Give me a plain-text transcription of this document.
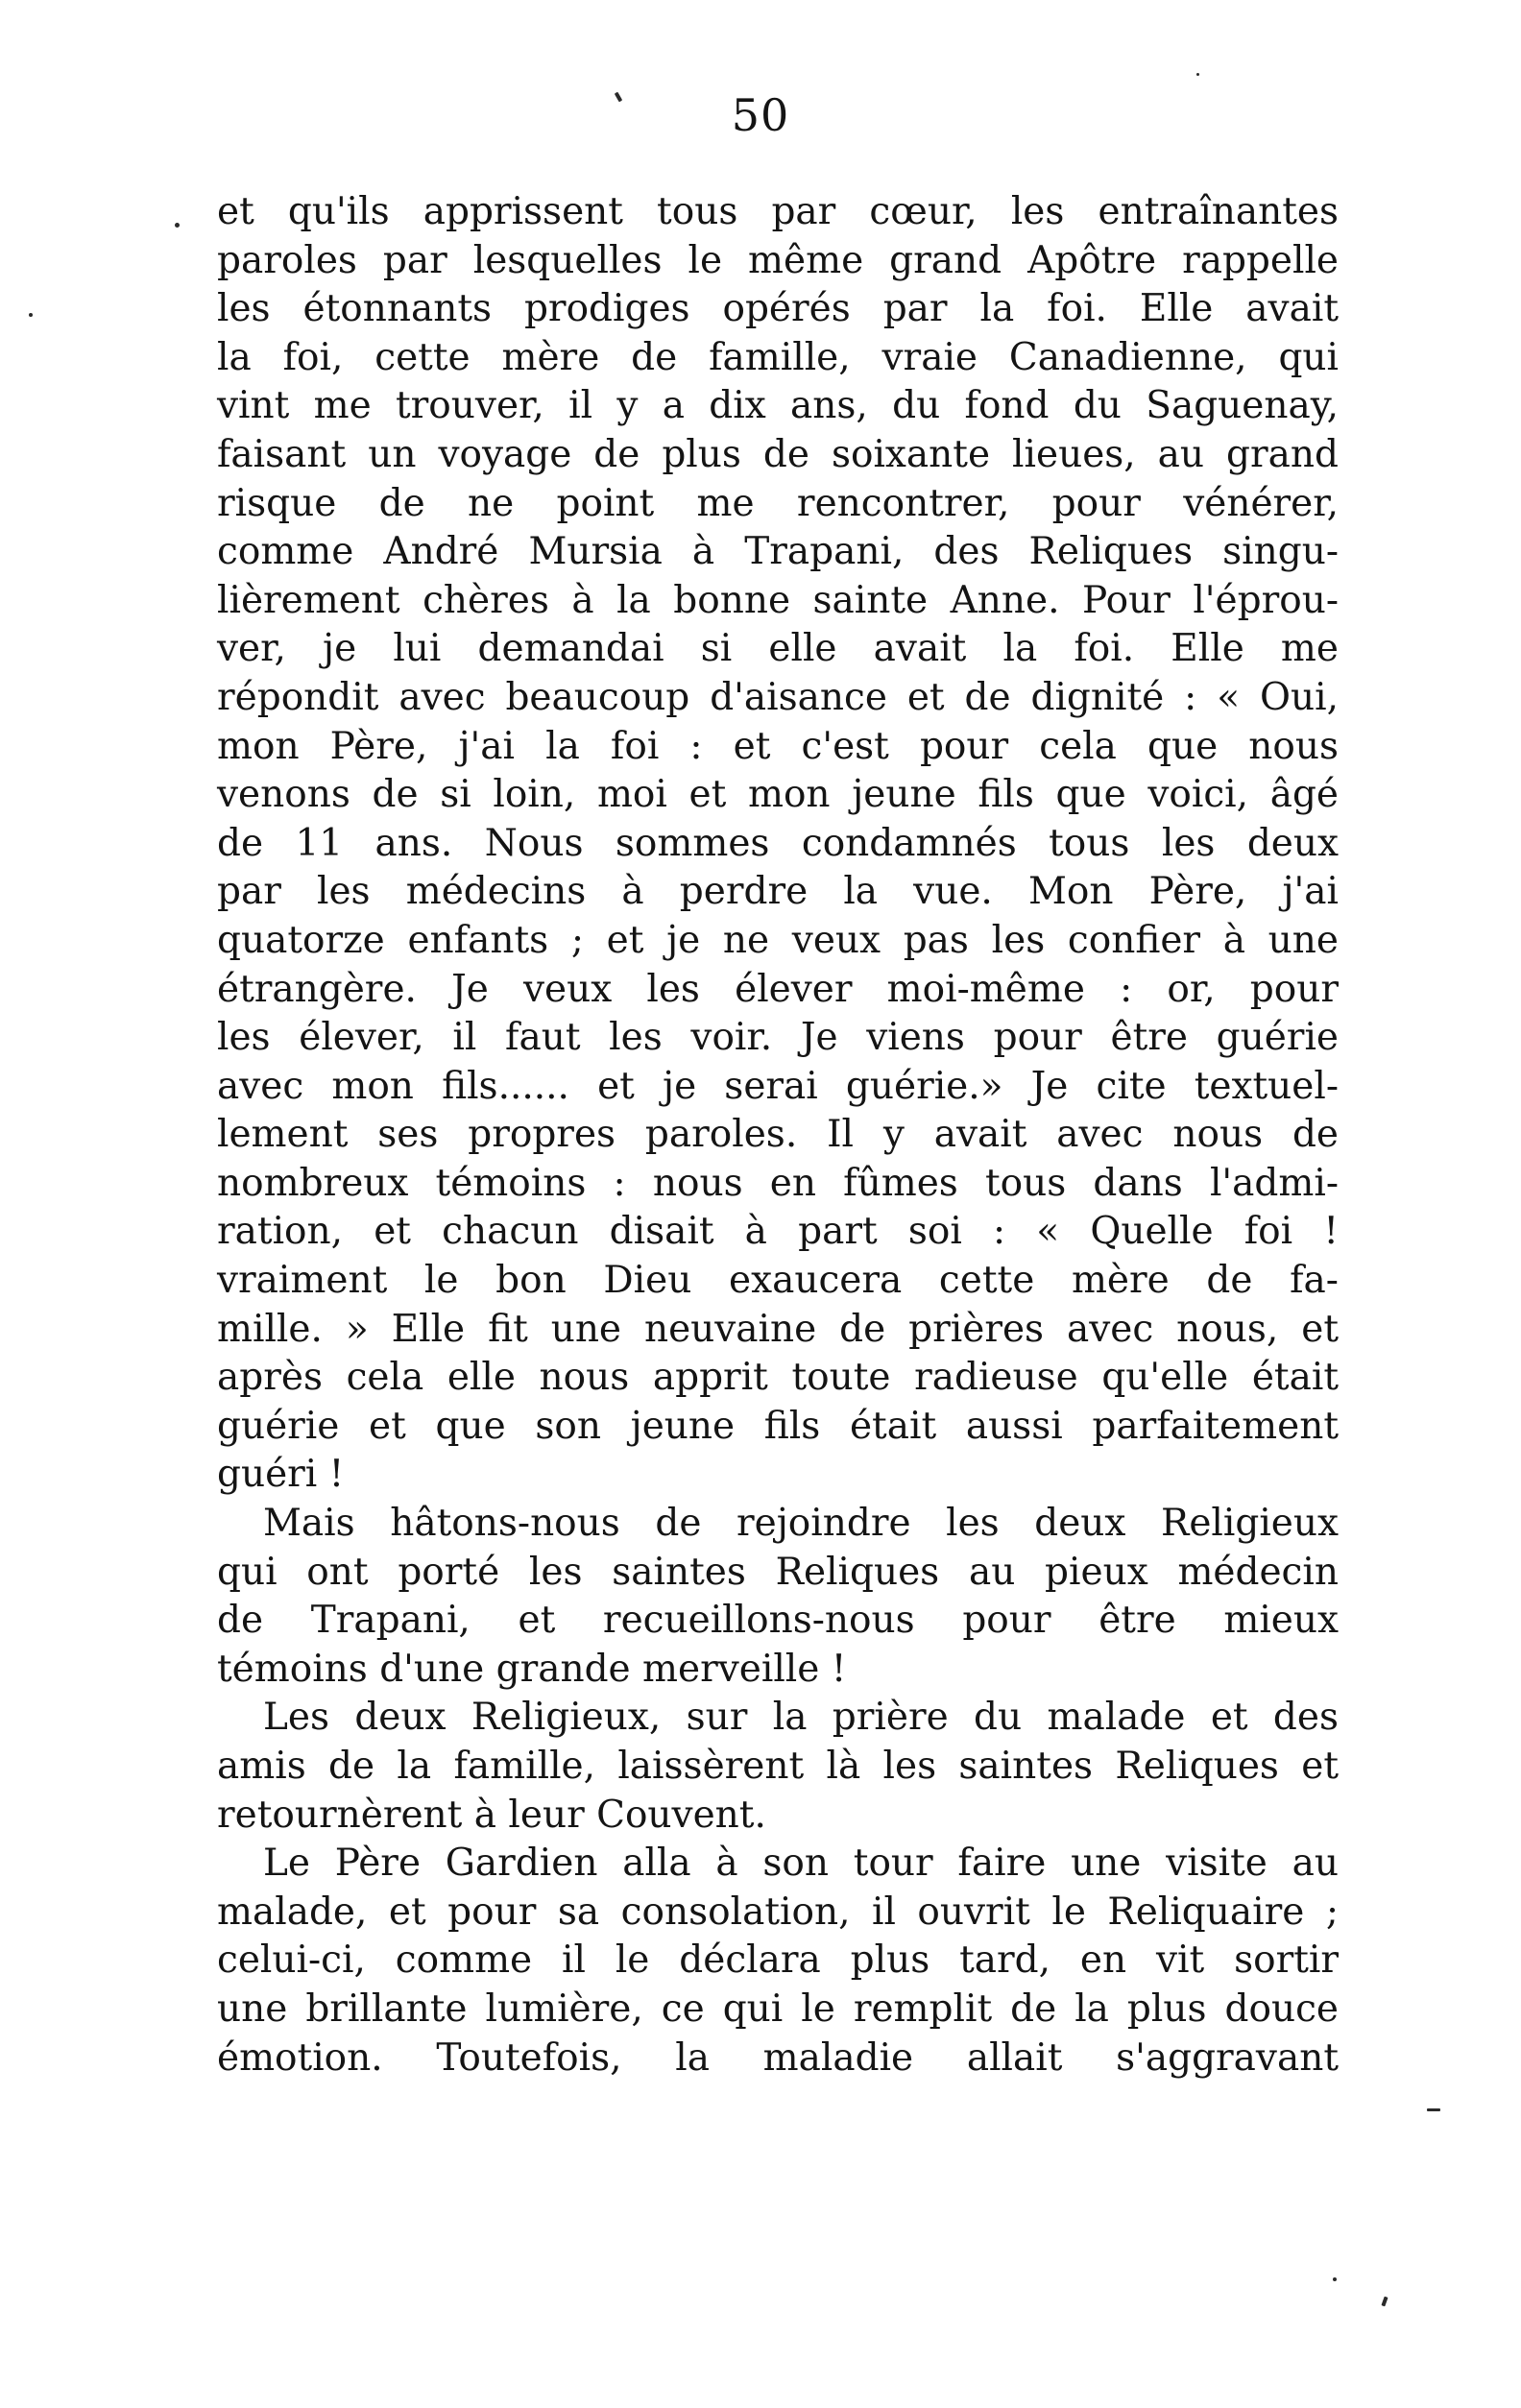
50
et qu'ils apprissent tous par cœur, les entraînantes
paroles par lesquelles le même grand Apôtre rappelle
les étonnants prodiges opérés par la foi. Elle avait
la foi, cette mère de famille, vraie Canadienne, qui
vint me trouver, il y a dix ans, du fond du Saguenay,
faisant un voyage de plus de soixante lieues, au grand
risque de ne point me rencontrer, pour vénérer,
comme André Mursia à Trapani, des Reliques singu-
lièrement chères à la bonne sainte Anne. Pour l'éprou-
ver, je lui demandai si elle avait la foi. Elle me
répondit avec beaucoup d'aisance et de dignité : « Oui,
mon Père, j'ai la foi : et c'est pour cela que nous
venons de si loin, moi et mon jeune fils que voici, âgé
de 11 ans. Nous sommes condamnés tous les deux
par les médecins à perdre la vue. Mon Père, j'ai
quatorze enfants ; et je ne veux pas les confier à une
étrangère. Je veux les élever moi-même : or, pour
les élever, il faut les voir. Je viens pour être guérie
avec mon fils...... et je serai guérie.» Je cite textuel-
lement ses propres paroles. Il y avait avec nous de
nombreux témoins : nous en fûmes tous dans l'admi-
ration, et chacun disait à part soi : « Quelle foi !
vraiment le bon Dieu exaucera cette mère de fa-
mille. » Elle fit une neuvaine de prières avec nous, et
après cela elle nous apprit toute radieuse qu'elle était
guérie et que son jeune fils était aussi parfaitement
guéri !
Mais hâtons-nous de rejoindre les deux Religieux
qui ont porté les saintes Reliques au pieux médecin
de Trapani, et recueillons-nous pour être mieux
témoins d'une grande merveille !
Les deux Religieux, sur la prière du malade et des
amis de la famille, laissèrent là les saintes Reliques et
retournèrent à leur Couvent.
Le Père Gardien alla à son tour faire une visite au
malade, et pour sa consolation, il ouvrit le Reliquaire ;
celui-ci, comme il le déclara plus tard, en vit sortir
une brillante lumière, ce qui le remplit de la plus douce
émotion. Toutefois, la maladie allait s'aggravant
